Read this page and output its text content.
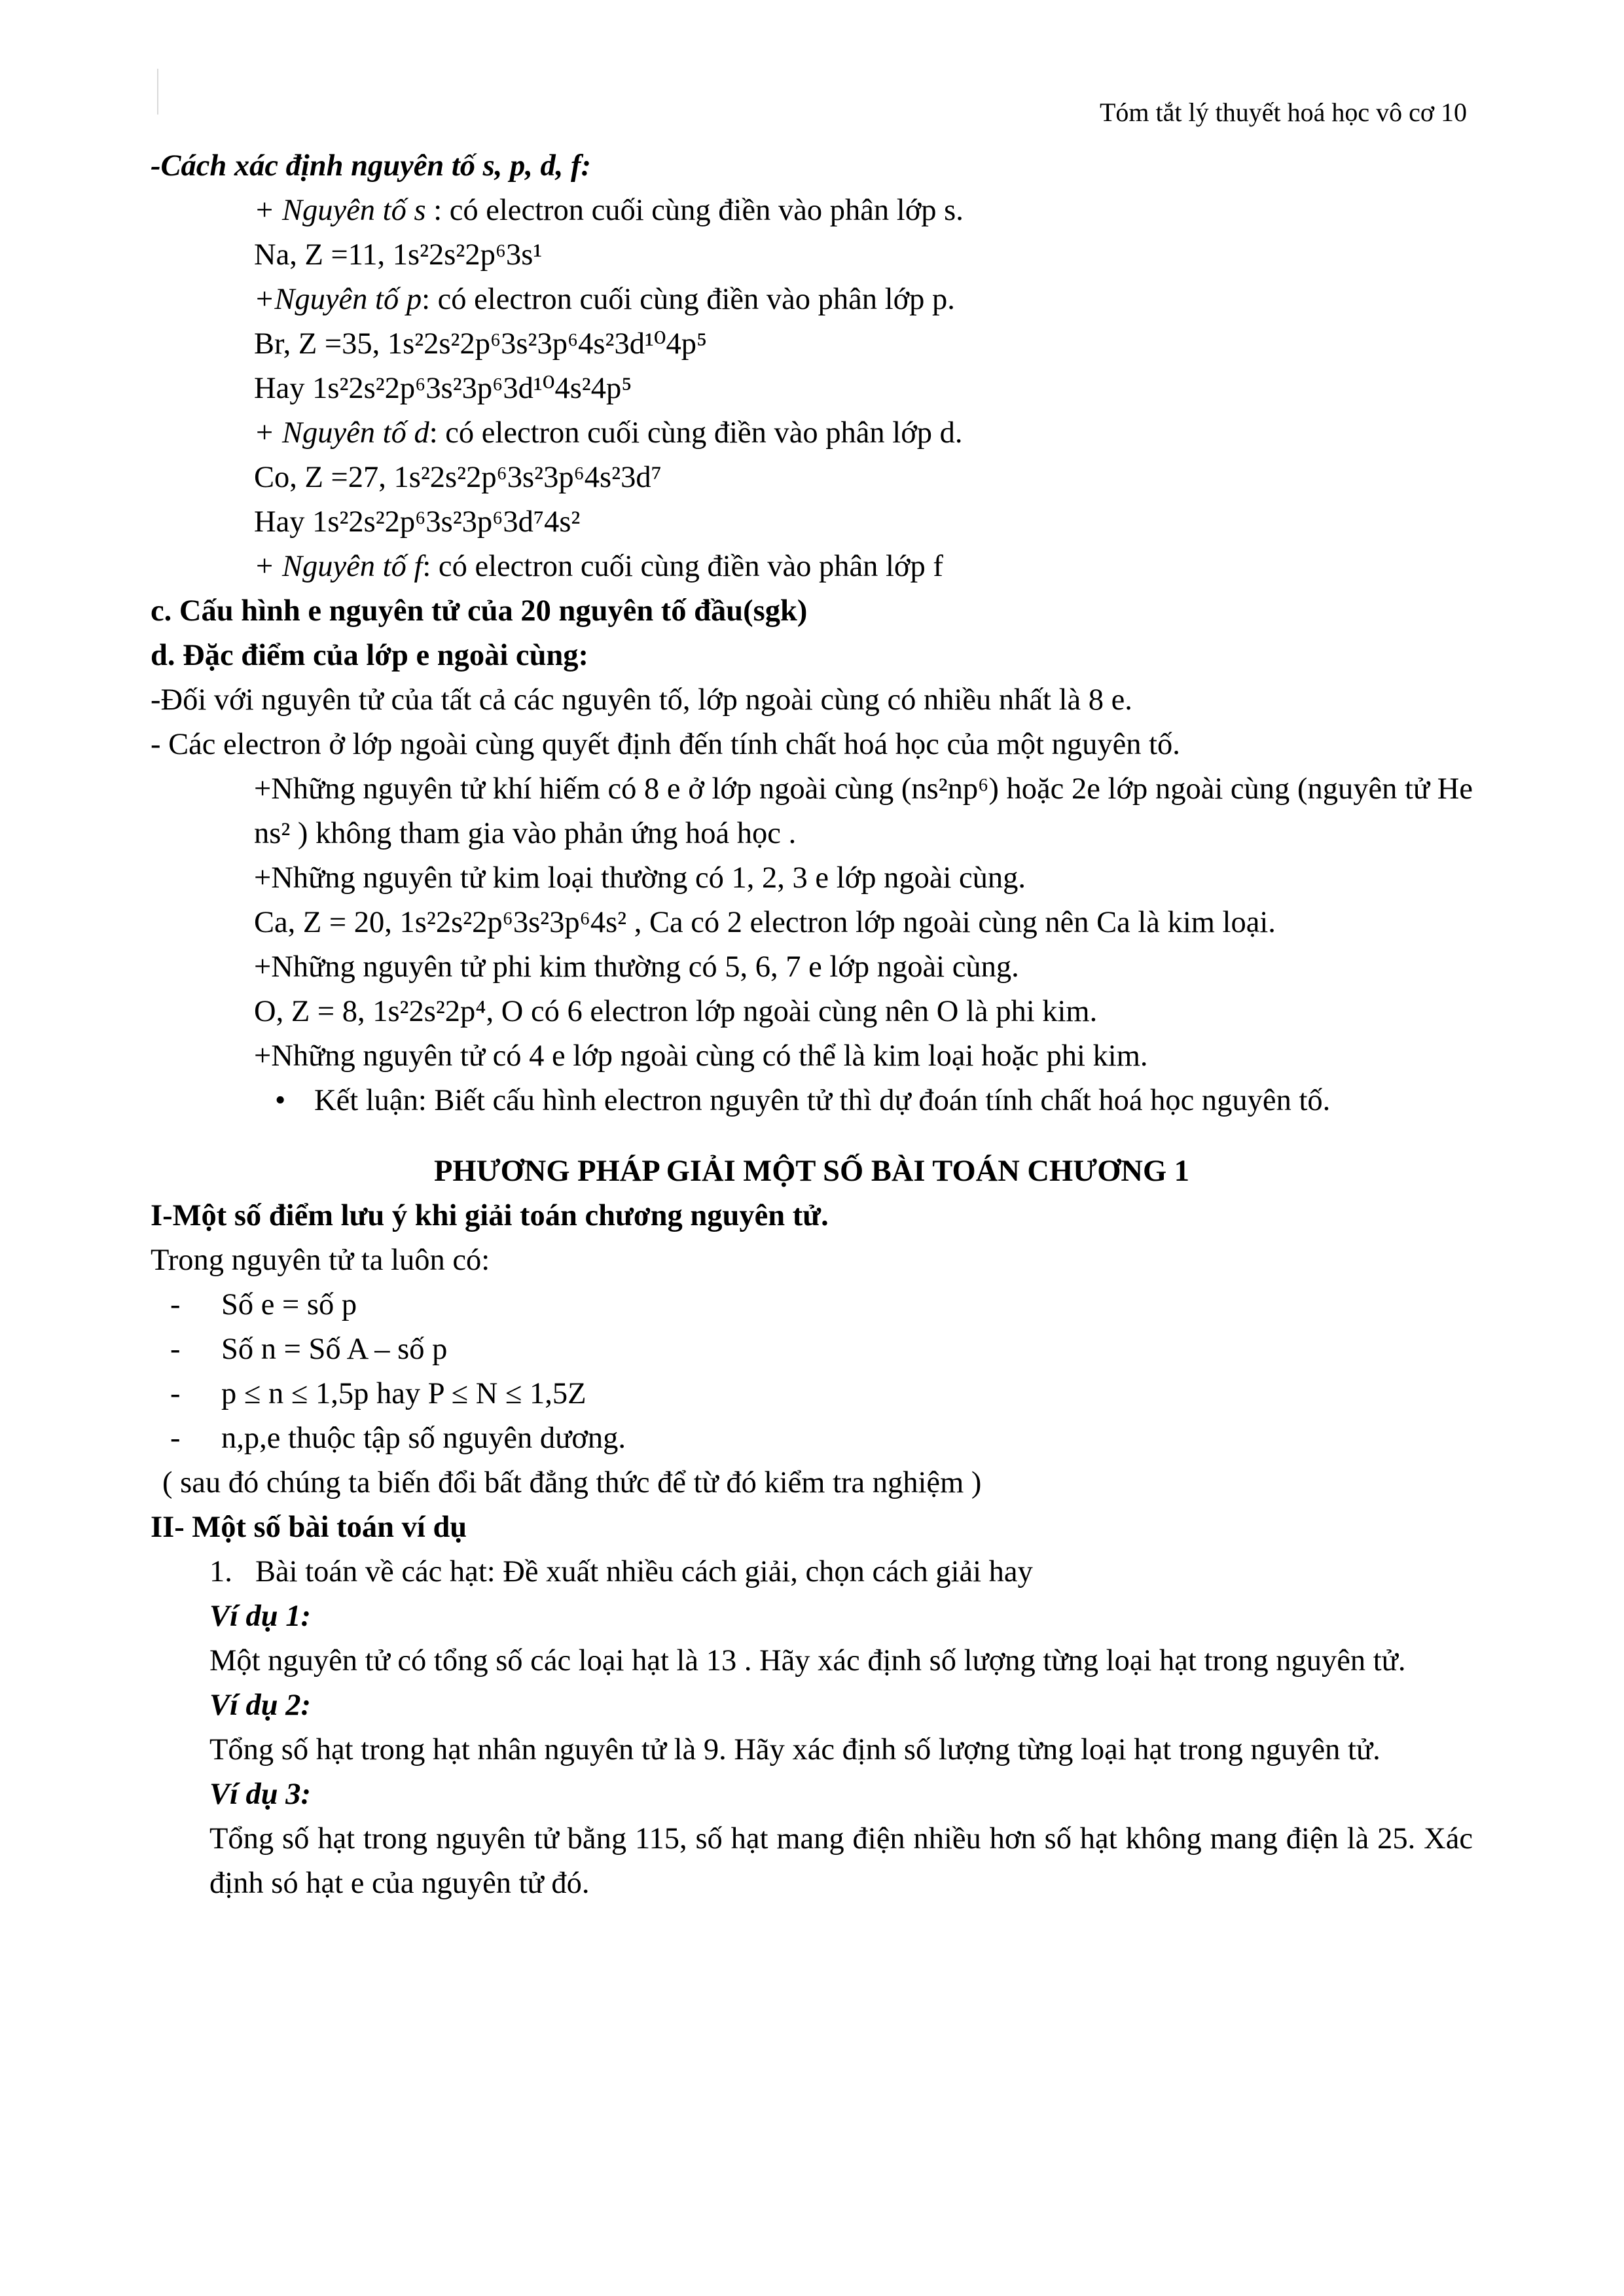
Tóm tắt lý thuyết hoá học vô cơ 10
-Cách xác định nguyên tố s, p, d, f:
+ Nguyên tố s : có electron cuối cùng điền vào phân lớp s.
Na, Z =11, 1s²2s²2p⁶3s¹
+Nguyên tố p: có electron cuối cùng điền vào phân lớp p.
Br, Z =35, 1s²2s²2p⁶3s²3p⁶4s²3d¹⁰4p⁵
Hay 1s²2s²2p⁶3s²3p⁶3d¹⁰4s²4p⁵
+ Nguyên tố d: có electron cuối cùng điền vào phân lớp d.
Co, Z =27, 1s²2s²2p⁶3s²3p⁶4s²3d⁷
Hay 1s²2s²2p⁶3s²3p⁶3d⁷4s²
+ Nguyên tố f: có electron cuối cùng điền vào phân lớp f
c. Cấu hình e nguyên tử của 20 nguyên tố đầu(sgk)
d. Đặc điểm của lớp e ngoài cùng:
-Đối với nguyên tử của tất cả các nguyên tố, lớp ngoài cùng có nhiều nhất là 8 e.
- Các electron ở lớp ngoài cùng quyết định đến tính chất hoá học của một nguyên tố.
+Những nguyên tử khí hiếm có 8 e ở lớp ngoài cùng (ns²np⁶) hoặc 2e lớp ngoài cùng (nguyên tử He ns² ) không tham gia vào phản ứng hoá học .
+Những nguyên tử kim loại thường có 1, 2, 3 e lớp ngoài cùng.
Ca, Z = 20, 1s²2s²2p⁶3s²3p⁶4s² , Ca có 2 electron lớp ngoài cùng nên Ca là kim loại.
+Những nguyên tử phi kim thường có 5, 6, 7 e lớp ngoài cùng.
O, Z = 8, 1s²2s²2p⁴, O có 6 electron lớp ngoài cùng nên O là phi kim.
+Những nguyên tử có 4 e lớp ngoài cùng có thể là kim loại hoặc phi kim.
• Kết luận: Biết cấu hình electron nguyên tử thì dự đoán tính chất hoá học nguyên tố.
PHƯƠNG PHÁP GIẢI MỘT SỐ BÀI TOÁN CHƯƠNG 1
I-Một số điểm lưu ý khi giải toán chương nguyên tử.
Trong nguyên tử ta luôn có:
- Số e = số p
- Số n = Số A – số p
- p ≤ n ≤ 1,5p hay P ≤ N ≤ 1,5Z
- n,p,e thuộc tập số nguyên dương.
( sau đó chúng ta biến đổi bất đẳng thức để từ đó kiểm tra nghiệm )
II- Một số bài toán ví dụ
1. Bài toán về các hạt: Đề xuất nhiều cách giải, chọn cách giải hay
Ví dụ 1:
Một nguyên tử có tổng số các loại hạt là 13 . Hãy xác định số lượng từng loại hạt trong nguyên tử.
Ví dụ 2:
Tổng số hạt trong hạt nhân nguyên tử là 9. Hãy xác định số lượng từng loại hạt trong nguyên tử.
Ví dụ 3:
Tổng số hạt trong nguyên tử bằng 115, số hạt mang điện nhiều hơn số hạt không mang điện là 25. Xác định só hạt e của nguyên tử đó.
